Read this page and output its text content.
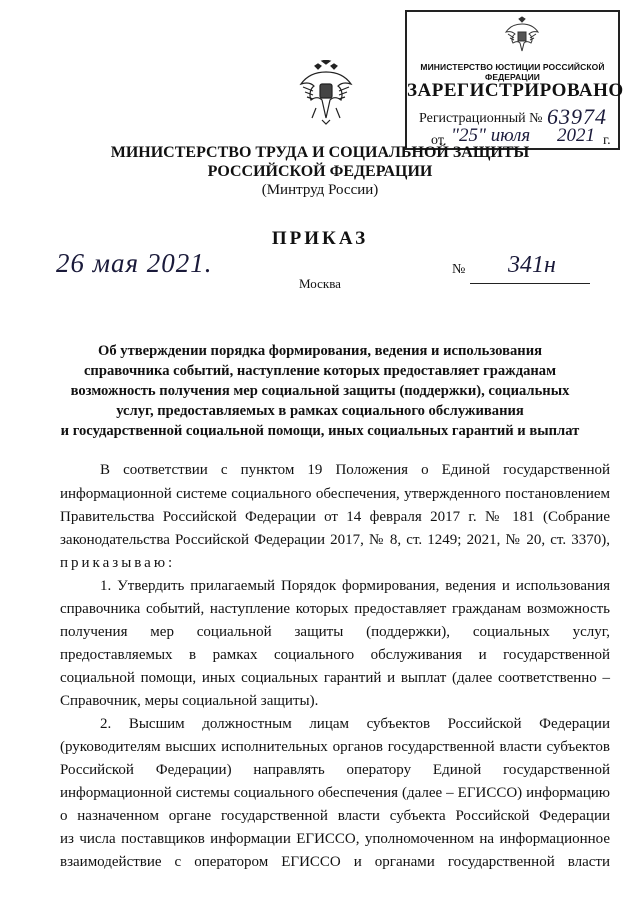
МИНИСТЕРСТВО ЮСТИЦИИ РОССИЙСКОЙ ФЕДЕРАЦИИ
ЗАРЕГИСТРИРОВАНО
Регистрационный № 63974
от "25" июля 2021 г.
МИНИСТЕРСТВО ТРУДА И СОЦИАЛЬНОЙ ЗАЩИТЫ
РОССИЙСКОЙ ФЕДЕРАЦИИ
(Минтруд России)
ПРИКАЗ
26 мая 2021.	№ 341н
Москва
Об утверждении порядка формирования, ведения и использования
справочника событий, наступление которых предоставляет гражданам
возможность получения мер социальной защиты (поддержки), социальных
услуг, предоставляемых в рамках социального обслуживания
и государственной социальной помощи, иных социальных гарантий и выплат
В соответствии с пунктом 19 Положения о Единой государственной
информационной системе социального обеспечения, утвержденного постановлением
Правительства Российской Федерации от 14 февраля 2017 г. № 181 (Собрание
законодательства Российской Федерации 2017, № 8, ст. 1249; 2021, № 20, ст. 3370),
приказываю:
1. Утвердить прилагаемый Порядок формирования, ведения и использования
справочника событий, наступление которых предоставляет гражданам возможность
получения мер социальной защиты (поддержки), социальных услуг,
предоставляемых в рамках социального обслуживания и государственной
социальной помощи, иных социальных гарантий и выплат (далее соответственно –
Справочник, меры социальной защиты).
2. Высшим должностным лицам субъектов Российской Федерации
(руководителям высших исполнительных органов государственной власти субъектов
Российской Федерации) направлять оператору Единой государственной
информационной системы социального обеспечения (далее – ЕГИССО) информацию
о назначенном органе государственной власти субъекта Российской Федерации
из числа поставщиков информации ЕГИССО, уполномоченном на информационное
взаимодействие с оператором ЕГИССО и органами государственной власти
